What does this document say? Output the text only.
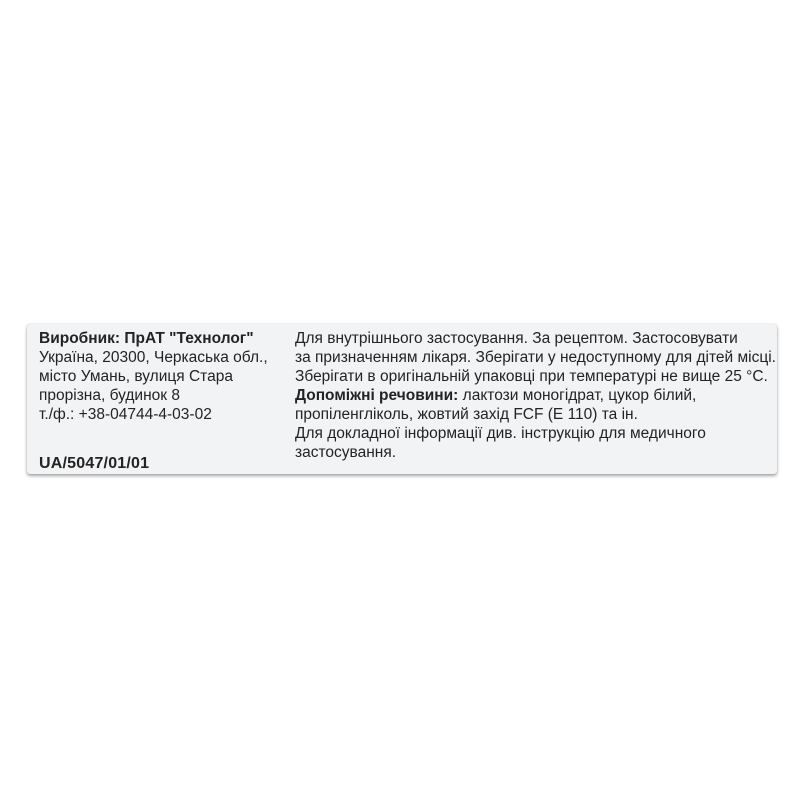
Виробник: ПрАТ "Технолог"
Україна, 20300, Черкаська обл.,
місто Умань, вулиця Стара
прорізна, будинок 8
т./ф.: +38-04744-4-03-02
UA/5047/01/01
Для внутрішнього застосування. За рецептом. Застосовувати
за призначенням лікаря. Зберігати у недоступному для дітей місці.
Зберігати в оригінальній упаковці при температурі не вище 25 °C.
Допоміжні речовини: лактози моногідрат, цукор білий,
пропіленгліколь, жовтий захід FCF (E 110) та ін.
Для докладної інформації див. інструкцію для медичного
застосування.
